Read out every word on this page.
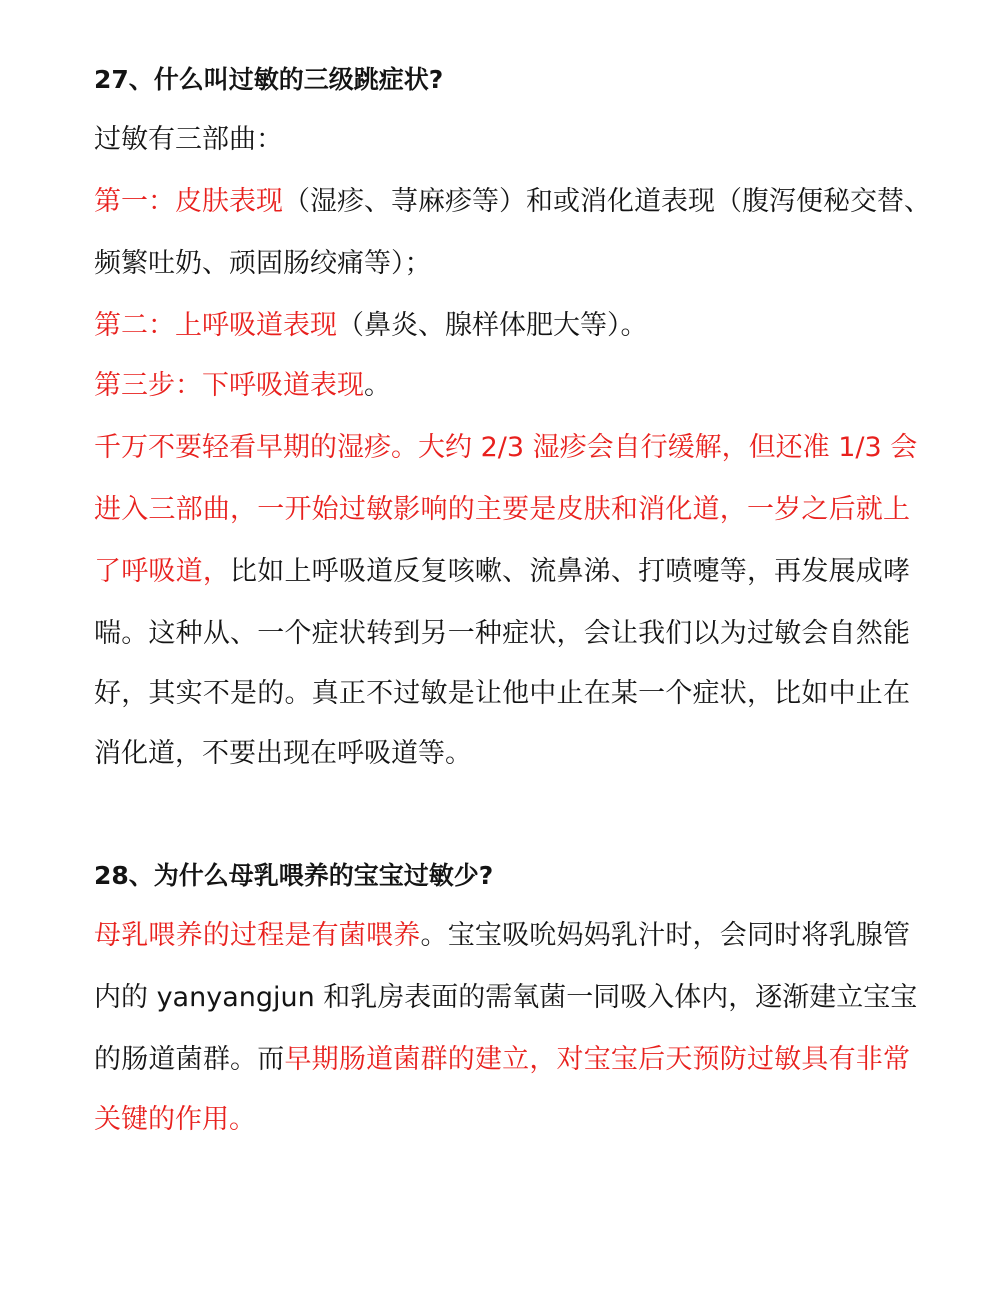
27、什么叫过敏的三级跳症状?
过敏有三部曲：
第一：皮肤表现（湿疹、荨麻疹等）和或消化道表现（腹泻便秘交替、
频繁吐奶、顽固肠绞痛等）；
第二：上呼吸道表现（鼻炎、腺样体肥大等）。
第三步：下呼吸道表现。
千万不要轻看早期的湿疹。大约 2/3 湿疹会自行缓解，但还准 1/3 会
进入三部曲，一开始过敏影响的主要是皮肤和消化道，一岁之后就上
了呼吸道，比如上呼吸道反复咳嗽、流鼻涕、打喷嚏等，再发展成哮
喘。这种从、一个症状转到另一种症状，会让我们以为过敏会自然能
好，其实不是的。真正不过敏是让他中止在某一个症状，比如中止在
消化道，不要出现在呼吸道等。
28、为什么母乳喂养的宝宝过敏少?
母乳喂养的过程是有菌喂养。宝宝吸吮妈妈乳汁时，会同时将乳腺管
内的 yanyangjun 和乳房表面的需氧菌一同吸入体内，逐渐建立宝宝
的肠道菌群。而早期肠道菌群的建立，对宝宝后天预防过敏具有非常
关键的作用。
